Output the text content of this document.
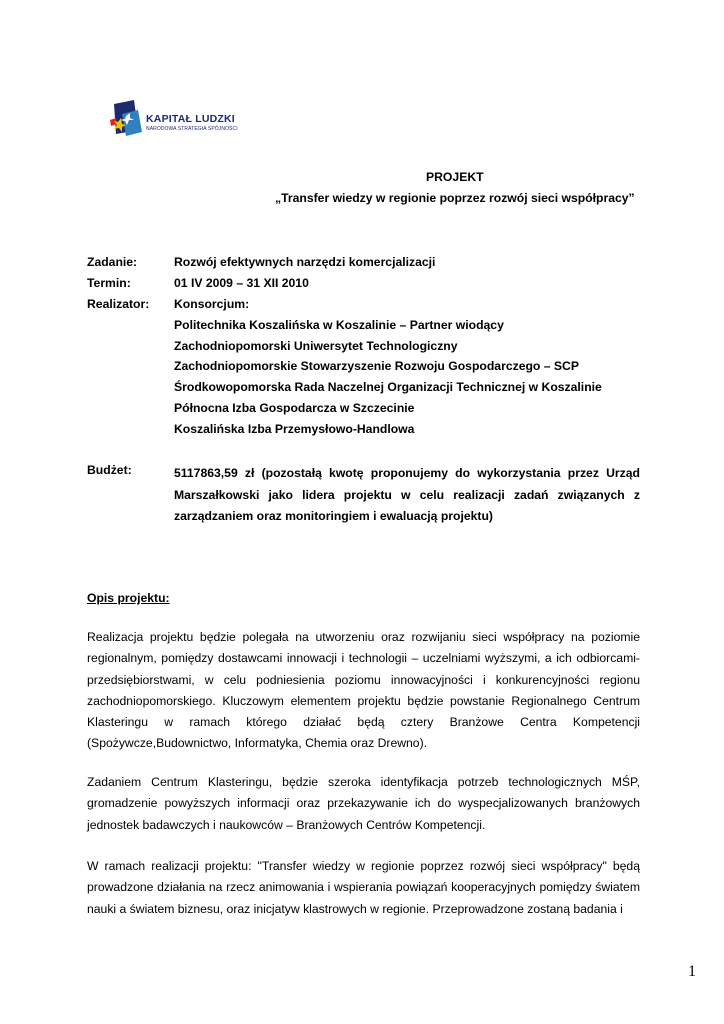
KAPITAŁ LUDZKI
NARODOWA STRATEGIA SPÓJNOŚCI
PROJEKT
„Transfer wiedzy w regionie poprzez rozwój sieci współpracy”
Zadanie:	Rozwój efektywnych narzędzi komercjalizacji
Termin:	01 IV 2009 – 31 XII 2010
Realizator: Konsorcjum:
Politechnika Koszalińska w Koszalinie – Partner wiodący
Zachodniopomorski Uniwersytet Technologiczny
Zachodniopomorskie Stowarzyszenie Rozwoju Gospodarczego – SCP
Środkowopomorska Rada Naczelnej Organizacji Technicznej w Koszalinie
Północna Izba Gospodarcza w Szczecinie
Koszalińska Izba Przemysłowo-Handlowa
Budżet:	5117863,59 zł (pozostałą kwotę proponujemy do wykorzystania przez Urząd Marszałkowski jako lidera projektu w celu realizacji zadań związanych z zarządzaniem oraz monitoringiem i ewaluacją projektu)
Opis projektu:
Realizacja projektu będzie polegała na utworzeniu oraz rozwijaniu sieci współpracy na poziomie regionalnym, pomiędzy dostawcami innowacji i technologii – uczelniami wyższymi, a ich odbiorcami-przedsiębiorstwami, w celu podniesienia poziomu innowacyjności i konkurencyjności regionu zachodniopomorskiego. Kluczowym elementem projektu będzie powstanie Regionalnego Centrum Klasteringu w ramach którego działać będą cztery Branżowe Centra Kompetencji (Spożywcze,Budownictwo, Informatyka, Chemia oraz Drewno).
Zadaniem Centrum Klasteringu, będzie szeroka identyfikacja potrzeb technologicznych MŚP, gromadzenie powyższych informacji oraz przekazywanie ich do wyspecjalizowanych branżowych jednostek badawczych i naukowców – Branżowych Centrów Kompetencji.
W ramach realizacji projektu: "Transfer wiedzy w regionie poprzez rozwój sieci współpracy" będą prowadzone działania na rzecz animowania i wspierania powiązań kooperacyjnych pomiędzy światem nauki a światem biznesu, oraz inicjatyw klastrowych w regionie. Przeprowadzone zostaną badania i
1
